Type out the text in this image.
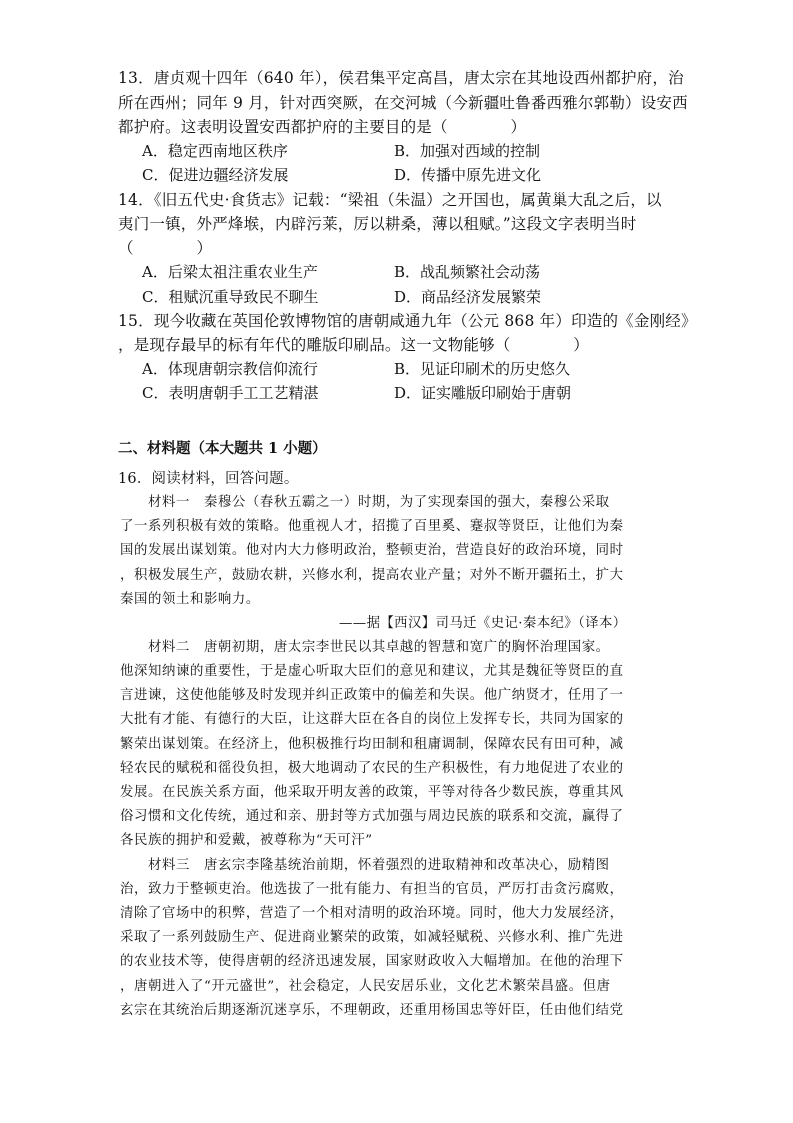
13．唐贞观十四年（640 年），侯君集平定高昌，唐太宗在其地设西州都护府，治
所在西州；同年 9 月，针对西突厥，在交河城（今新疆吐鲁番西雅尔郭勒）设安西
都护府。这表明设置安西都护府的主要目的是（　　　　）
A．稳定西南地区秩序	B．加强对西域的控制
C．促进边疆经济发展	D．传播中原先进文化
14．《旧五代史·食货志》记载：“梁祖（朱温）之开国也，属黄巢大乱之后，以
夷门一镇，外严烽堠，内辟污莱，厉以耕桑，薄以租赋。”这段文字表明当时
（　　　　）
A．后梁太祖注重农业生产	B．战乱频繁社会动荡
C．租赋沉重导致民不聊生	D．商品经济发展繁荣
15．现今收藏在英国伦敦博物馆的唐朝咸通九年（公元 868 年）印造的《金刚经》
，是现存最早的标有年代的雕版印刷品。这一文物能够（　　　　）
A．体现唐朝宗教信仰流行	B．见证印刷术的历史悠久
C．表明唐朝手工工艺精湛	D．证实雕版印刷始于唐朝
二、材料题（本大题共 1 小题）
16．阅读材料，回答问题。
　　材料一　秦穆公（春秋五霸之一）时期，为了实现秦国的强大，秦穆公采取
了一系列积极有效的策略。他重视人才，招揽了百里奚、蹇叔等贤臣，让他们为秦
国的发展出谋划策。他对内大力修明政治，整顿吏治，营造良好的政治环境，同时
，积极发展生产，鼓励农耕，兴修水利，提高农业产量；对外不断开疆拓土，扩大
秦国的领土和影响力。
——据【西汉】司马迁《史记·秦本纪》（译本）
　　材料二　唐朝初期，唐太宗李世民以其卓越的智慧和宽广的胸怀治理国家。
他深知纳谏的重要性，于是虚心听取大臣们的意见和建议，尤其是魏征等贤臣的直
言进谏，这使他能够及时发现并纠正政策中的偏差和失误。他广纳贤才，任用了一
大批有才能、有德行的大臣，让这群大臣在各自的岗位上发挥专长，共同为国家的
繁荣出谋划策。在经济上，他积极推行均田制和租庸调制，保障农民有田可种，减
轻农民的赋税和徭役负担，极大地调动了农民的生产积极性，有力地促进了农业的
发展。在民族关系方面，他采取开明友善的政策，平等对待各少数民族，尊重其风
俗习惯和文化传统，通过和亲、册封等方式加强与周边民族的联系和交流，赢得了
各民族的拥护和爱戴，被尊称为“天可汗”
　　材料三　唐玄宗李隆基统治前期，怀着强烈的进取精神和改革决心，励精图
治，致力于整顿吏治。他选拔了一批有能力、有担当的官员，严厉打击贪污腐败，
清除了官场中的积弊，营造了一个相对清明的政治环境。同时，他大力发展经济，
采取了一系列鼓励生产、促进商业繁荣的政策，如减轻赋税、兴修水利、推广先进
的农业技术等，使得唐朝的经济迅速发展，国家财政收入大幅增加。在他的治理下
，唐朝进入了“开元盛世”，社会稳定，人民安居乐业，文化艺术繁荣昌盛。但唐
玄宗在其统治后期逐渐沉迷享乐，不理朝政，还重用杨国忠等奸臣，任由他们结党
